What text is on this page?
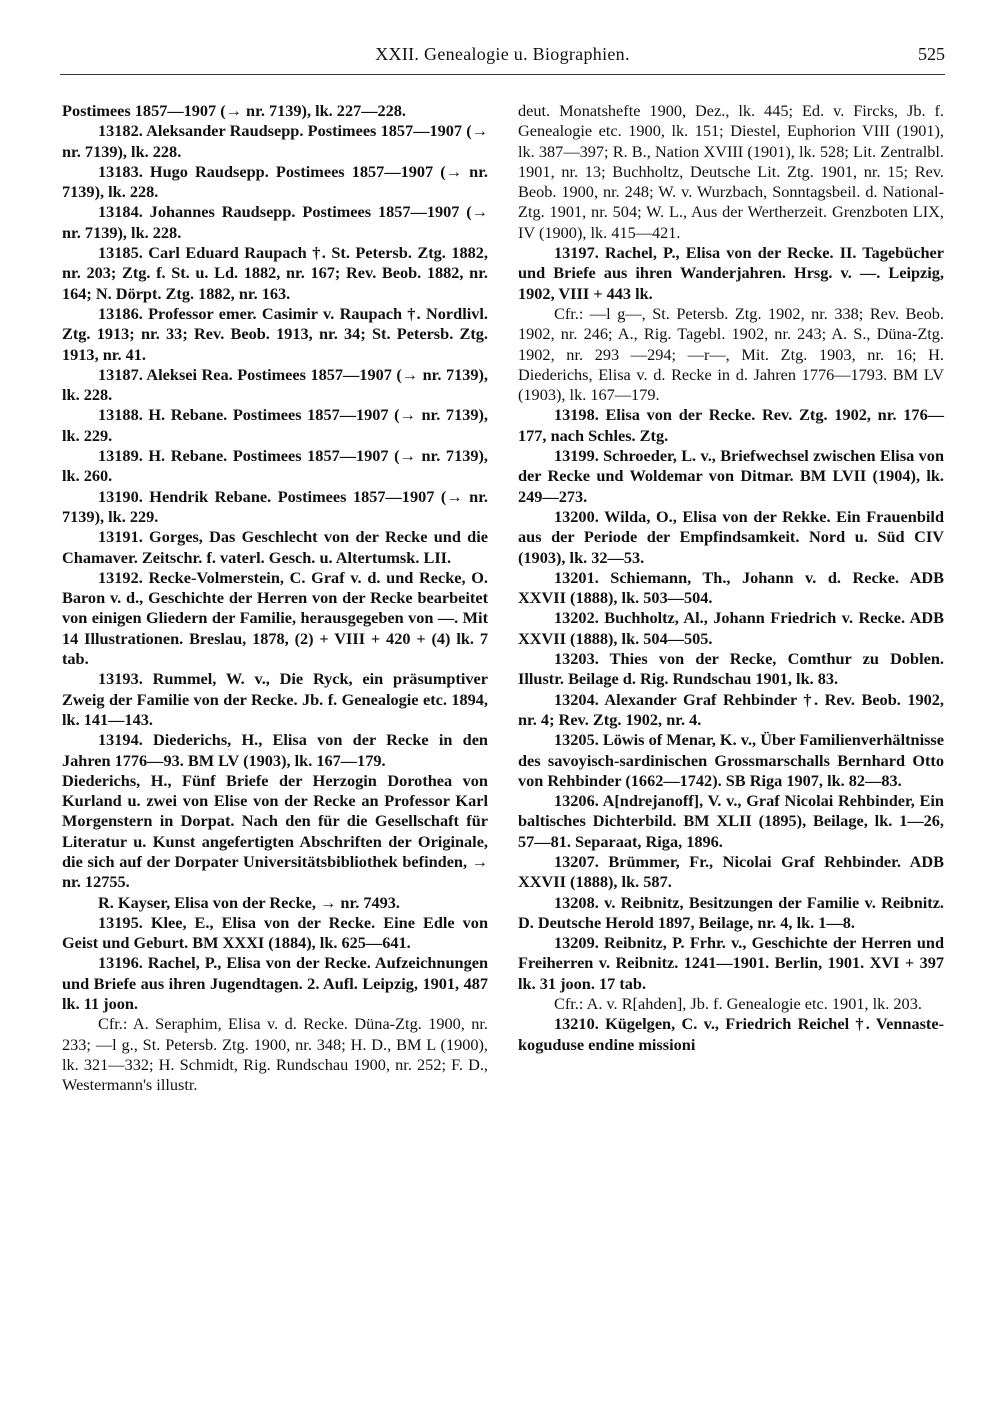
XXII. Genealogie u. Biographien.	525

Postimees 1857—1907 (→ nr. 7139), lk. 227—228.

13182. Aleksander Raudsepp. Postimees 1857—1907 (→ nr. 7139), lk. 228.

13183. Hugo Raudsepp. Postimees 1857—1907 (→ nr. 7139), lk. 228.

13184. Johannes Raudsepp. Postimees 1857—1907 (→ nr. 7139), lk. 228.

13185. Carl Eduard Raupach †. St. Petersb. Ztg. 1882, nr. 203; Ztg. f. St. u. Ld. 1882, nr. 167; Rev. Beob. 1882, nr. 164; N. Dörpt. Ztg. 1882, nr. 163.

13186. Professor emer. Casimir v. Raupach †. Nordlivl. Ztg. 1913; nr. 33; Rev. Beob. 1913, nr. 34; St. Petersb. Ztg. 1913, nr. 41.

13187. Aleksei Rea. Postimees 1857—1907 (→ nr. 7139), lk. 228.

13188. H. Rebane. Postimees 1857—1907 (→ nr. 7139), lk. 229.

13189. H. Rebane. Postimees 1857—1907 (→ nr. 7139), lk. 260.

13190. Hendrik Rebane. Postimees 1857—1907 (→ nr. 7139), lk. 229.

13191. Gorges, Das Geschlecht von der Recke und die Chamaver. Zeitschr. f. vaterl. Gesch. u. Altertumsk. LII.

13192. Recke-Volmerstein, C. Graf v. d. und Recke, O. Baron v. d., Geschichte der Herren von der Recke bearbeitet von einigen Gliedern der Familie, herausgegeben von —. Mit 14 Illustrationen. Breslau, 1878, (2) + VIII + 420 + (4) lk. 7 tab.

13193. Rummel, W. v., Die Ryck, ein präsumptiver Zweig der Familie von der Recke. Jb. f. Genealogie etc. 1894, lk. 141—143.

13194. Diederichs, H., Elisa von der Recke in den Jahren 1776—93. BM LV (1903), lk. 167—179.

Diederichs, H., Fünf Briefe der Herzogin Dorothea von Kurland u. zwei von Elise von der Recke an Professor Karl Morgenstern in Dorpat. Nach den für die Gesellschaft für Literatur u. Kunst angefertigten Abschriften der Originale, die sich auf der Dorpater Universitätsbibliothek befinden, → nr. 12755.

R. Kayser, Elisa von der Recke, → nr. 7493.

13195. Klee, E., Elisa von der Recke. Eine Edle von Geist und Geburt. BM XXXI (1884), lk. 625—641.

13196. Rachel, P., Elisa von der Recke. Aufzeichnungen und Briefe aus ihren Jugendtagen. 2. Aufl. Leipzig, 1901, 487 lk. 11 joon.

Cfr.: A. Seraphim, Elisa v. d. Recke. Düna-Ztg. 1900, nr. 233; —l g., St. Petersb. Ztg. 1900, nr. 348; H. D., BM L (1900), lk. 321—332; H. Schmidt, Rig. Rundschau 1900, nr. 252; F. D., Westermann's illustr.

deut. Monatshefte 1900, Dez., lk. 445; Ed. v. Fircks, Jb. f. Genealogie etc. 1900, lk. 151; Diestel, Euphorion VIII (1901), lk. 387—397; R. B., Nation XVIII (1901), lk. 528; Lit. Zentralbl. 1901, nr. 13; Buchholtz, Deutsche Lit. Ztg. 1901, nr. 15; Rev. Beob. 1900, nr. 248; W. v. Wurzbach, Sonntagsbeil. d. National-Ztg. 1901, nr. 504; W. L., Aus der Wertherzeit. Grenzboten LIX, IV (1900), lk. 415—421.

13197. Rachel, P., Elisa von der Recke. II. Tagebücher und Briefe aus ihren Wanderjahren. Hrsg. v. —. Leipzig, 1902, VIII + 443 lk.

Cfr.: —l g—, St. Petersb. Ztg. 1902, nr. 338; Rev. Beob. 1902, nr. 246; A., Rig. Tagebl. 1902, nr. 243; A. S., Düna-Ztg. 1902, nr. 293 —294; —r—, Mit. Ztg. 1903, nr. 16; H. Diederichs, Elisa v. d. Recke in d. Jahren 1776—1793. BM LV (1903), lk. 167—179.

13198. Elisa von der Recke. Rev. Ztg. 1902, nr. 176—177, nach Schles. Ztg.

13199. Schroeder, L. v., Briefwechsel zwischen Elisa von der Recke und Woldemar von Ditmar. BM LVII (1904), lk. 249—273.

13200. Wilda, O., Elisa von der Rekke. Ein Frauenbild aus der Periode der Empfindsamkeit. Nord u. Süd CIV (1903), lk. 32—53.

13201. Schiemann, Th., Johann v. d. Recke. ADB XXVII (1888), lk. 503—504.

13202. Buchholtz, Al., Johann Friedrich v. Recke. ADB XXVII (1888), lk. 504—505.

13203. Thies von der Recke, Comthur zu Doblen. Illustr. Beilage d. Rig. Rundschau 1901, lk. 83.

13204. Alexander Graf Rehbinder †. Rev. Beob. 1902, nr. 4; Rev. Ztg. 1902, nr. 4.

13205. Löwis of Menar, K. v., Über Familienverhältnisse des savoyisch-sardinischen Grossmarschalls Bernhard Otto von Rehbinder (1662—1742). SB Riga 1907, lk. 82—83.

13206. A[ndrejanoff], V. v., Graf Nicolai Rehbinder, Ein baltisches Dichterbild. BM XLII (1895), Beilage, lk. 1—26, 57—81. Separaat, Riga, 1896.

13207. Brümmer, Fr., Nicolai Graf Rehbinder. ADB XXVII (1888), lk. 587.

13208. v. Reibnitz, Besitzungen der Familie v. Reibnitz. D. Deutsche Herold 1897, Beilage, nr. 4, lk. 1—8.

13209. Reibnitz, P. Frhr. v., Geschichte der Herren und Freiherren v. Reibnitz. 1241—1901. Berlin, 1901. XVI + 397 lk. 31 joon. 17 tab.

Cfr.: A. v. R[ahden], Jb. f. Genealogie etc. 1901, lk. 203.

13210. Kügelgen, C. v., Friedrich Reichel †. Vennaste-koguduse endine missioni
